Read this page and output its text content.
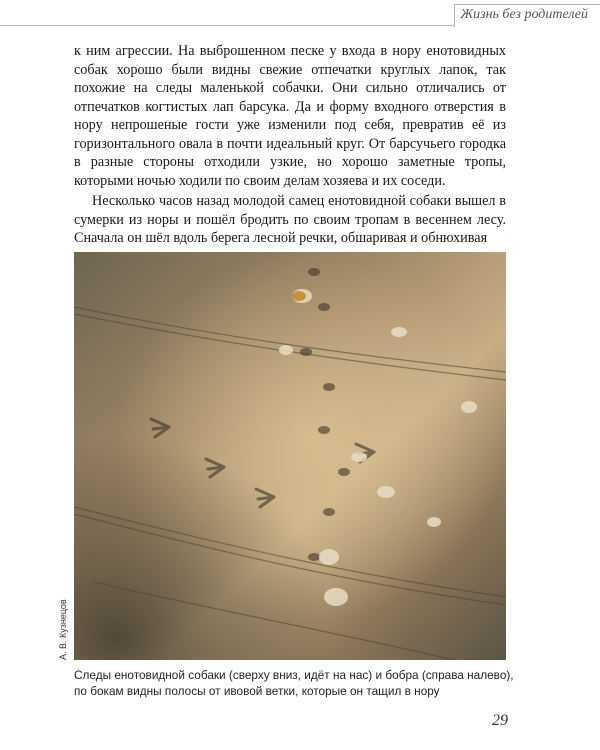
Жизнь без родителей

к ним агрессии. На выброшенном песке у входа в нору енотовидных собак хорошо были видны свежие отпечатки круглых лапок, так похожие на следы маленькой собачки. Они сильно отличались от отпечатков когтистых лап барсука. Да и форму входного отверстия в нору непрошеные гости уже изменили под себя, превратив её из горизонтального овала в почти идеальный круг. От барсучьего городка в разные стороны отходили узкие, но хорошо заметные тропы, которыми ночью ходили по своим делам хозяева и их соседи.

Несколько часов назад молодой самец енотовидной собаки вышел в сумерки из норы и пошёл бродить по своим тропам в весеннем лесу. Сначала он шёл вдоль берега лесной речки, обшаривая и обнюхивая

А. В. Кузнецов
Следы енотовидной собаки (сверху вниз, идёт на нас) и бобра (справа налево), по бокам видны полосы от ивовой ветки, которые он тащил в нору
29
